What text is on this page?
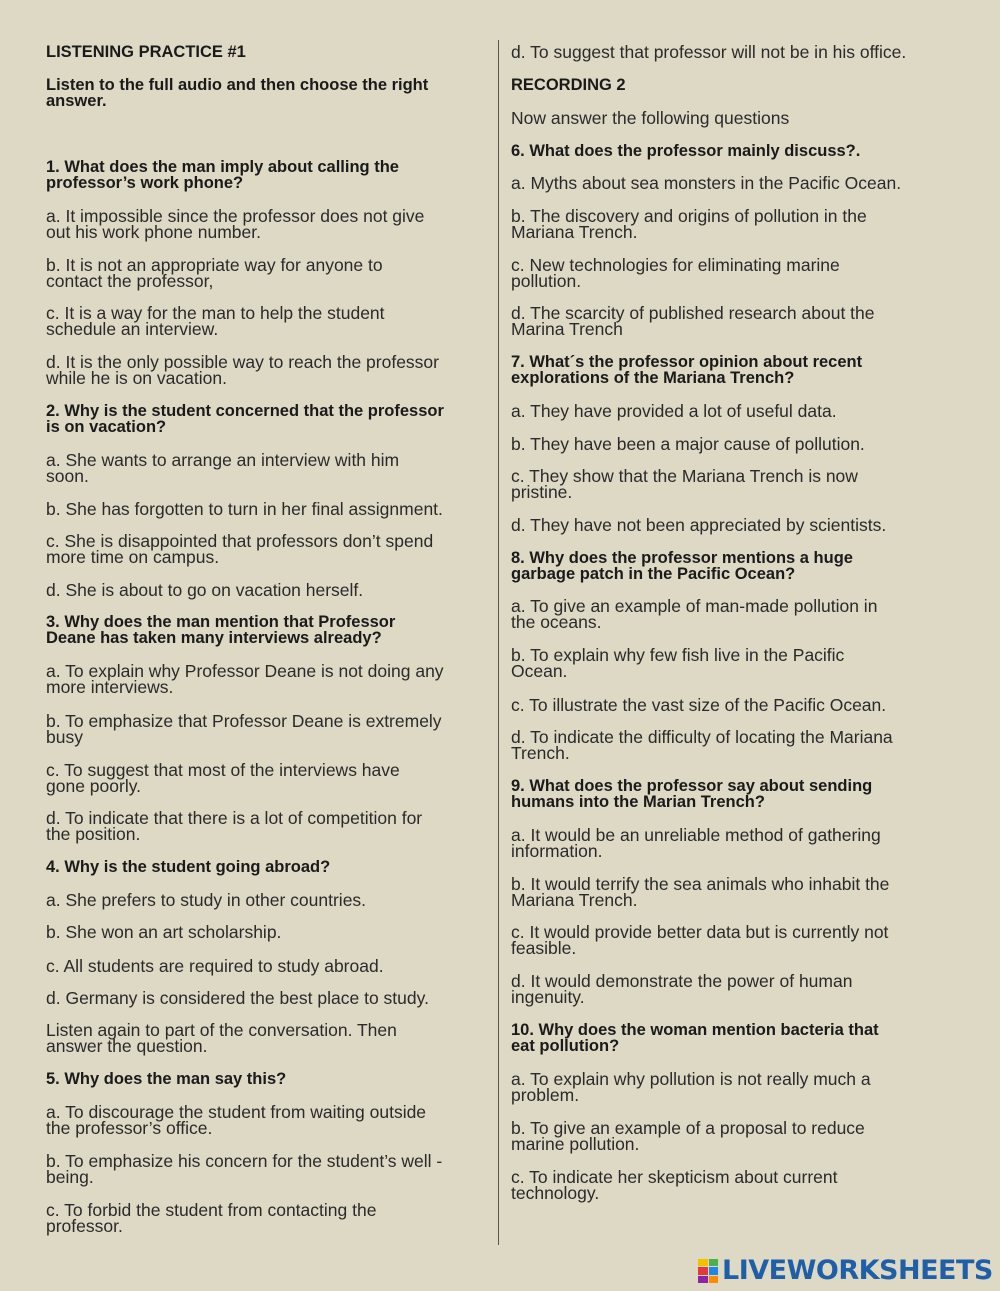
LISTENING PRACTICE #1

Listen to the full audio and then choose the right

answer.

1. What does the man imply about calling the

professor’s work phone?

a. It impossible since the professor does not give

out his work phone number.

b. It is not an appropriate way for anyone to

contact the professor,

c. It is a way for the man to help the student

schedule an interview.

d. It is the only possible way to reach the professor

while he is on vacation.

2. Why is the student concerned that the professor

is on vacation?

a. She wants to arrange an interview with him

soon.

b. She has forgotten to turn in her final assignment.

c. She is disappointed that professors don’t spend

more time on campus.

d. She is about to go on vacation herself.

3. Why does the man mention that Professor

Deane has taken many interviews already?

a. To explain why Professor Deane is not doing any

more interviews.

b. To emphasize that Professor Deane is extremely

busy

c. To suggest that most of the interviews have

gone poorly.

d. To indicate that there is a lot of competition for

the position.

4. Why is the student going abroad?

a. She prefers to study in other countries.

b. She won an art scholarship.

c. All students are required to study abroad.

d. Germany is considered the best place to study.

Listen again to part of the conversation. Then

answer the question.

5. Why does the man say this?

a. To discourage the student from waiting outside

the professor’s office.

b. To emphasize his concern for the student’s well -

being.

c. To forbid the student from contacting the

professor.

d. To suggest that professor will not be in his office.

RECORDING 2

Now answer the following questions

6. What does the professor mainly discuss?.

a. Myths about sea monsters in the Pacific Ocean.

b. The discovery and origins of pollution in the

Mariana Trench.

c. New technologies for eliminating marine

pollution.

d. The scarcity of published research about the

Marina Trench

7. What´s the professor opinion about recent

explorations of the Mariana Trench?

a. They have provided a lot of useful data.

b. They have been a major cause of pollution.

c. They show that the Mariana Trench is now

pristine.

d. They have not been appreciated by scientists.

8. Why does the professor mentions a huge

garbage patch in the Pacific Ocean?

a. To give an example of man-made pollution in

the oceans.

b. To explain why few fish live in the Pacific

Ocean.

c. To illustrate the vast size of the Pacific Ocean.

d. To indicate the difficulty of locating the Mariana

Trench.

9. What does the professor say about sending

humans into the Marian Trench?

a. It would be an unreliable method of gathering

information.

b. It would terrify the sea animals who inhabit the

Mariana Trench.

c. It would provide better data but is currently not

feasible.

d. It would demonstrate the power of human

ingenuity.

10. Why does the woman mention bacteria that

eat pollution?

a. To explain why pollution is not really much a

problem.

b. To give an example of a proposal to reduce

marine pollution.

c. To indicate her skepticism about current

technology.

LIVEWORKSHEETS
